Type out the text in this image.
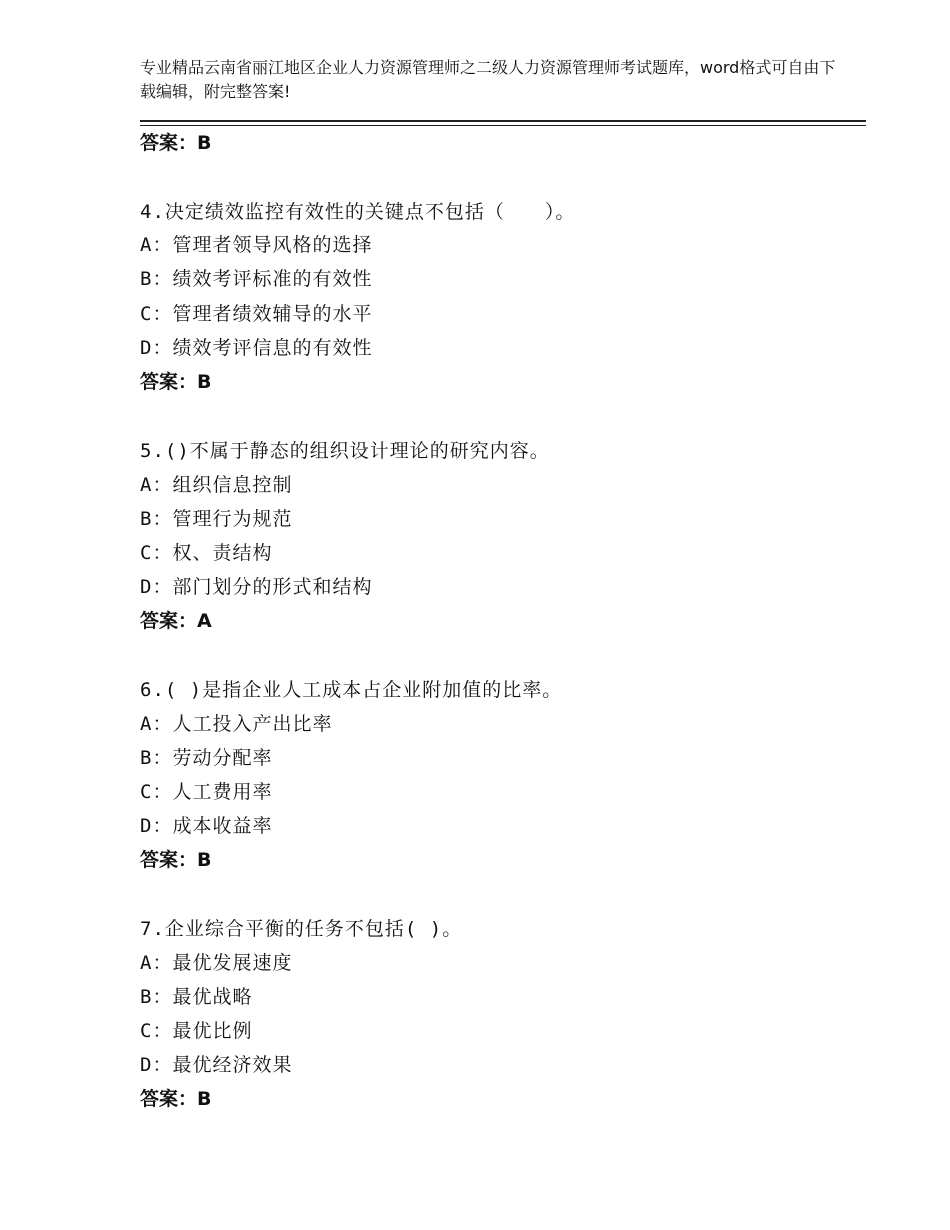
专业精品云南省丽江地区企业人力资源管理师之二级人力资源管理师考试题库，word格式可自由下载编辑，附完整答案!
答案：B
4.决定绩效监控有效性的关键点不包括（　　）。
A：管理者领导风格的选择
B：绩效考评标准的有效性
C：管理者绩效辅导的水平
D：绩效考评信息的有效性
答案：B
5.()不属于静态的组织设计理论的研究内容。
A：组织信息控制
B：管理行为规范
C：权、责结构
D：部门划分的形式和结构
答案：A
6.( )是指企业人工成本占企业附加值的比率。
A：人工投入产出比率
B：劳动分配率
C：人工费用率
D：成本收益率
答案：B
7.企业综合平衡的任务不包括( )。
A：最优发展速度
B：最优战略
C：最优比例
D：最优经济效果
答案：B
